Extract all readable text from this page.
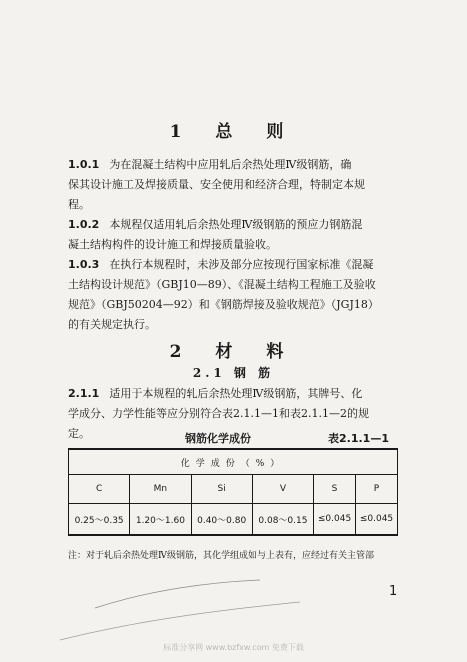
1 总 则
1.0.1 为在混凝土结构中应用轧后余热处理Ⅳ级钢筋，确
保其设计施工及焊接质量、安全使用和经济合理，特制定本规
程。
1.0.2 本规程仅适用轧后余热处理Ⅳ级钢筋的预应力钢筋混
凝土结构构件的设计施工和焊接质量验收。
1.0.3 在执行本规程时，未涉及部分应按现行国家标准《混凝
土结构设计规范》（GBJ10—89）、《混凝土结构工程施工及验收
规范》（GBJ50204—92）和《钢筋焊接及验收规范》（JGJ18）
的有关规定执行。
2 材 料
2.1 钢 筋
2.1.1 适用于本规程的轧后余热处理Ⅳ级钢筋，其牌号、化
学成分、力学性能等应分别符合表2.1.1—1和表2.1.1—2的规
定。	钢筋化学成份	表2.1.1—1
化学成份（%）					
C	Mn	Si	V	S	P
0.25～0.35	1.20～1.60	0.40～0.80	0.08～0.15	≤0.045	≤0.045
注：对于轧后余热处理Ⅳ级钢筋，其化学组成如与上表有，应经过有关主管部
1
标准分享网 www.bzfxw.com 免费下载
